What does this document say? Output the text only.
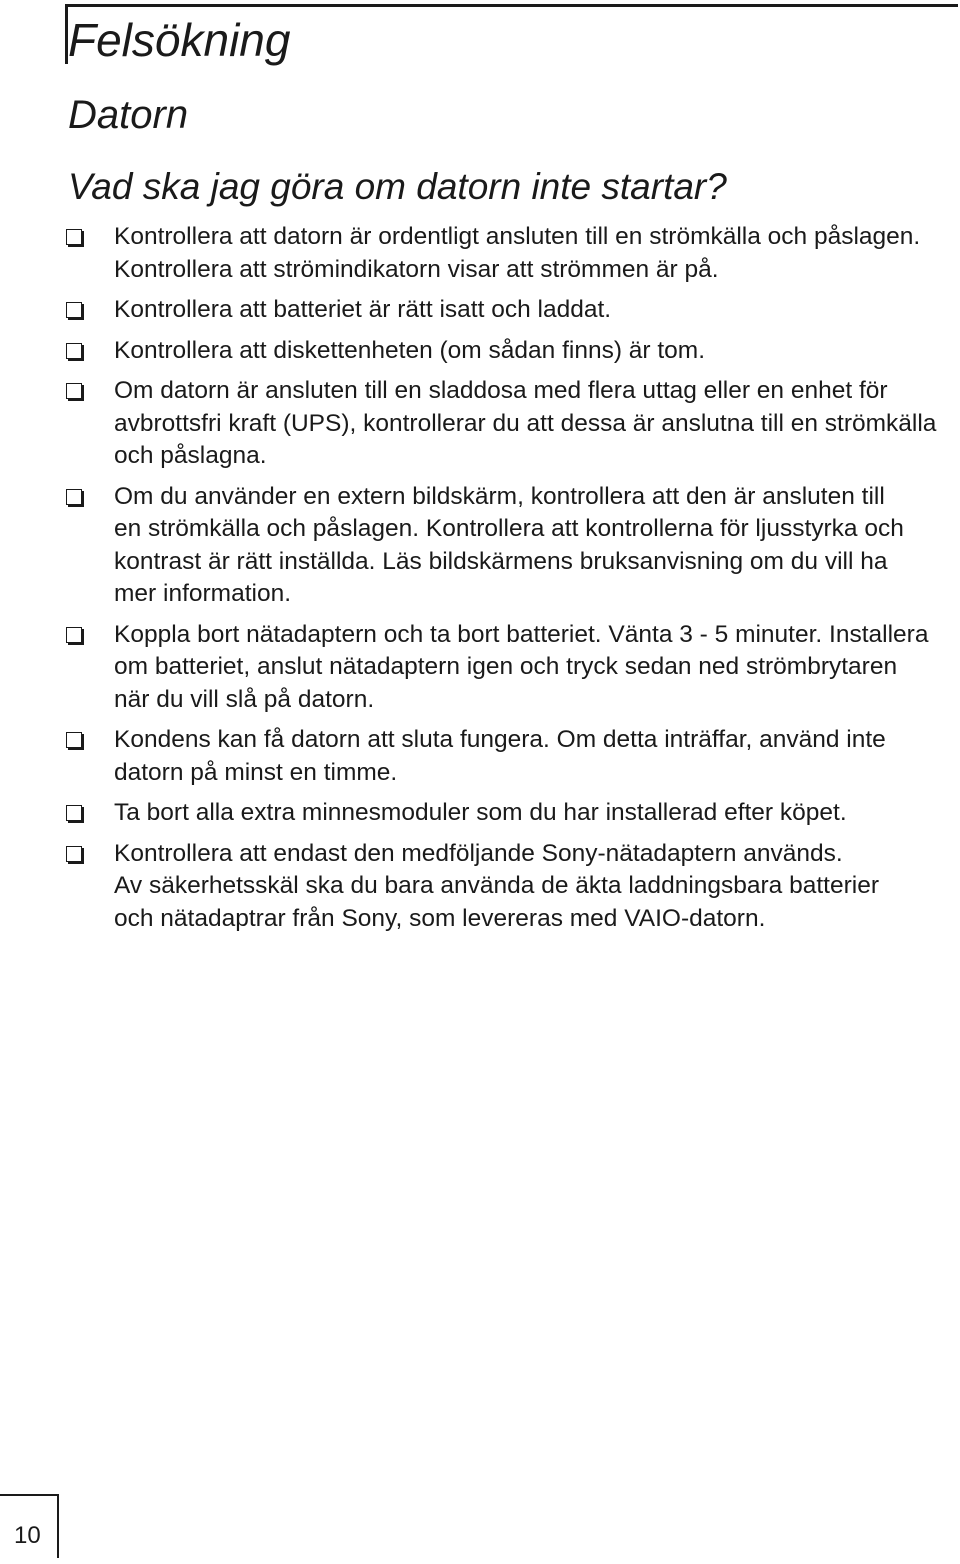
Felsökning
Datorn
Vad ska jag göra om datorn inte startar?
Kontrollera att datorn är ordentligt ansluten till en strömkälla och påslagen.
Kontrollera att strömindikatorn visar att strömmen är på.
Kontrollera att batteriet är rätt isatt och laddat.
Kontrollera att diskettenheten (om sådan finns) är tom.
Om datorn är ansluten till en sladdosa med flera uttag eller en enhet för
avbrottsfri kraft (UPS), kontrollerar du att dessa är anslutna till en strömkälla
och påslagna.
Om du använder en extern bildskärm, kontrollera att den är ansluten till
en strömkälla och påslagen. Kontrollera att kontrollerna för ljusstyrka och
kontrast är rätt inställda. Läs bildskärmens bruksanvisning om du vill ha
mer information.
Koppla bort nätadaptern och ta bort batteriet. Vänta 3 - 5 minuter. Installera
om batteriet, anslut nätadaptern igen och tryck sedan ned strömbrytaren
när du vill slå på datorn.
Kondens kan få datorn att sluta fungera. Om detta inträffar, använd inte
datorn på minst en timme.
Ta bort alla extra minnesmoduler som du har installerad efter köpet.
Kontrollera att endast den medföljande Sony-nätadaptern används.
Av säkerhetsskäl ska du bara använda de äkta laddningsbara batterier
och nätadaptrar från Sony, som levereras med VAIO-datorn.
10
